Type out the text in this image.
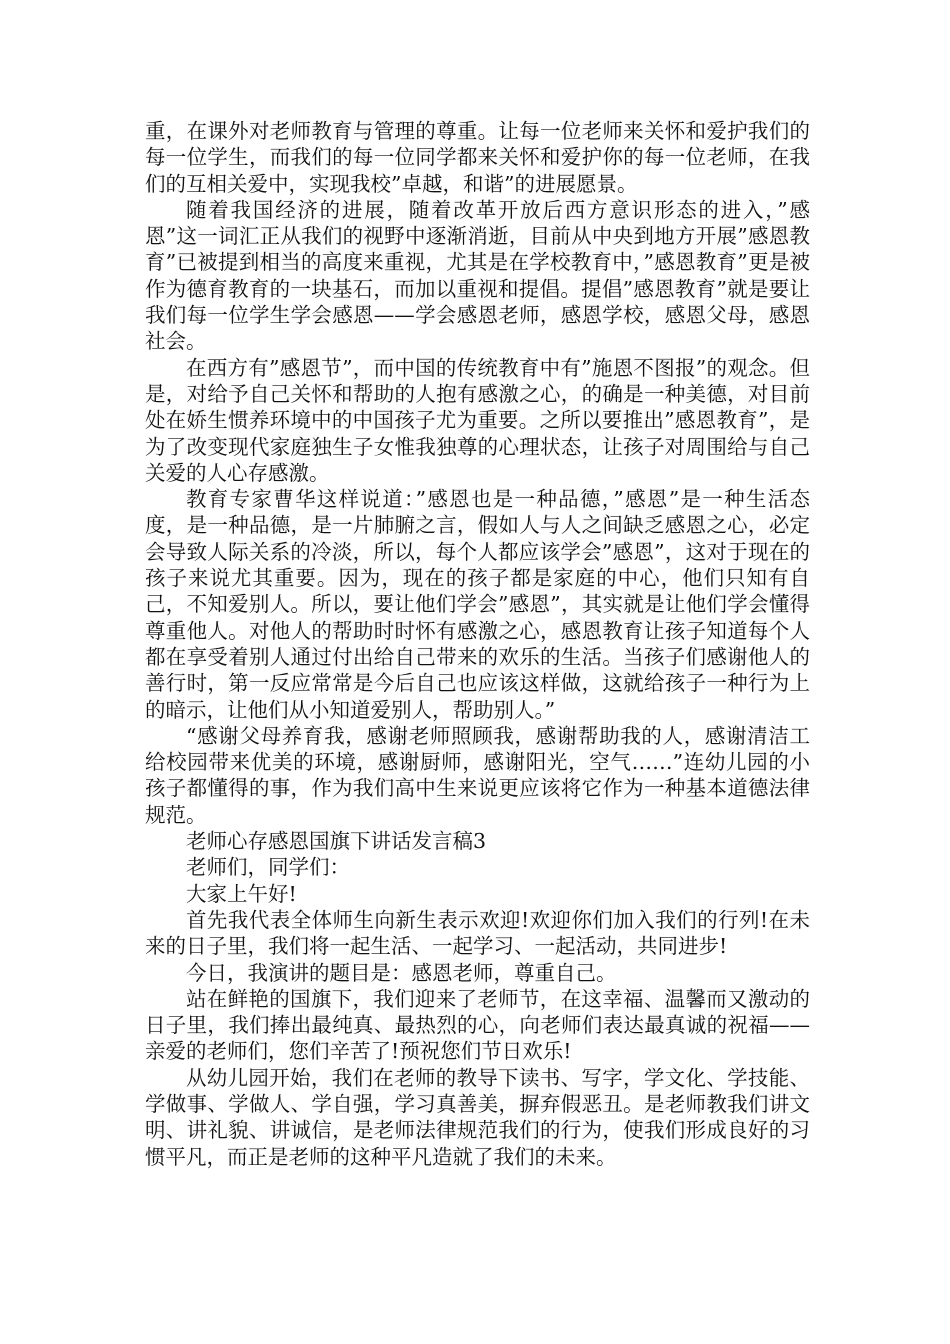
重，在课外对老师教育与管理的尊重。让每一位老师来关怀和爱护我们的每一位学生，而我们的每一位同学都来关怀和爱护你的每一位老师，在我们的互相关爱中，实现我校”卓越，和谐”的进展愿景。

随着我国经济的进展，随着改革开放后西方意识形态的进入，”感恩”这一词汇正从我们的视野中逐渐消逝，目前从中央到地方开展”感恩教育”已被提到相当的高度来重视，尤其是在学校教育中，”感恩教育”更是被作为德育教育的一块基石，而加以重视和提倡。提倡”感恩教育”就是要让我们每一位学生学会感恩——学会感恩老师，感恩学校，感恩父母，感恩社会。

在西方有”感恩节”，而中国的传统教育中有”施恩不图报”的观念。但是，对给予自己关怀和帮助的人抱有感激之心，的确是一种美德，对目前处在娇生惯养环境中的中国孩子尤为重要。之所以要推出”感恩教育”，是为了改变现代家庭独生子女惟我独尊的心理状态，让孩子对周围给与自己关爱的人心存感激。

教育专家曹华这样说道：”感恩也是一种品德，”感恩”是一种生活态度，是一种品德，是一片肺腑之言，假如人与人之间缺乏感恩之心，必定会导致人际关系的冷淡，所以，每个人都应该学会”感恩”，这对于现在的孩子来说尤其重要。因为，现在的孩子都是家庭的中心，他们只知有自己，不知爱别人。所以，要让他们学会”感恩”，其实就是让他们学会懂得尊重他人。对他人的帮助时时怀有感激之心，感恩教育让孩子知道每个人都在享受着别人通过付出给自己带来的欢乐的生活。当孩子们感谢他人的善行时，第一反应常常是今后自己也应该这样做，这就给孩子一种行为上的暗示，让他们从小知道爱别人，帮助别人。”

“感谢父母养育我，感谢老师照顾我，感谢帮助我的人，感谢清洁工给校园带来优美的环境，感谢厨师，感谢阳光，空气……”连幼儿园的小孩子都懂得的事，作为我们高中生来说更应该将它作为一种基本道德法律规范。

老师心存感恩国旗下讲话发言稿3

老师们，同学们：

大家上午好!

首先我代表全体师生向新生表示欢迎!欢迎你们加入我们的行列!在未来的日子里，我们将一起生活、一起学习、一起活动，共同进步!

今日，我演讲的题目是：感恩老师，尊重自己。

站在鲜艳的国旗下，我们迎来了老师节，在这幸福、温馨而又激动的日子里，我们捧出最纯真、最热烈的心，向老师们表达最真诚的祝福——亲爱的老师们，您们辛苦了!预祝您们节日欢乐!

从幼儿园开始，我们在老师的教导下读书、写字，学文化、学技能、学做事、学做人、学自强，学习真善美，摒弃假恶丑。是老师教我们讲文明、讲礼貌、讲诚信，是老师法律规范我们的行为，使我们形成良好的习惯平凡，而正是老师的这种平凡造就了我们的未来。
